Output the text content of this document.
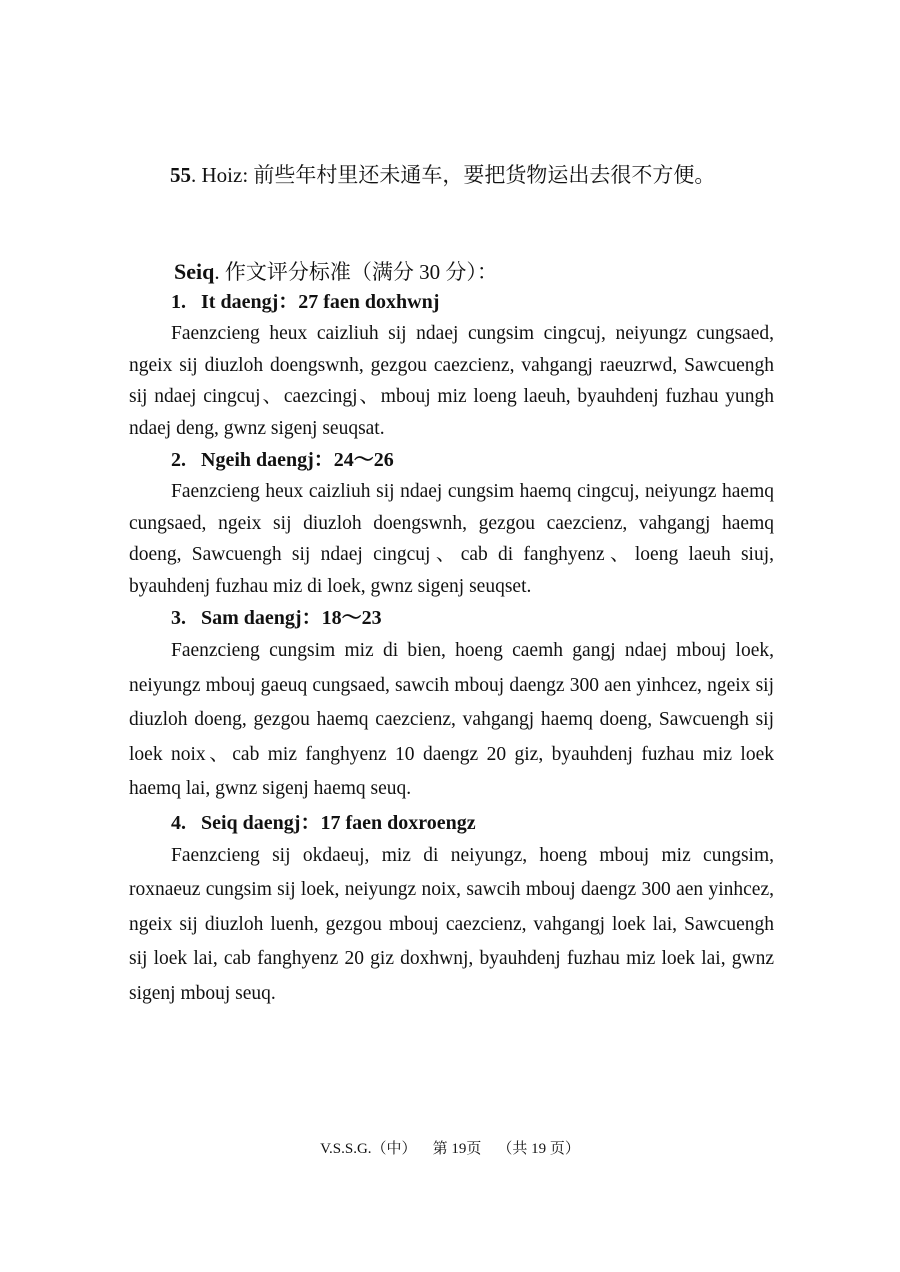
55. Hoiz: 前些年村里还未通车，要把货物运出去很不方便。
Seiq. 作文评分标准（满分 30 分）：
1. It daengj：27 faen doxhwnj

Faenzcieng heux caizliuh sij ndaej cungsim cingcuj, neiyungz cungsaed, ngeix sij diuzloh doengswnh, gezgou caezcienz, vahgangj raeuzrwd, Sawcuengh sij ndaej cingcuj、caezcingj、mbouj miz loeng laeuh, byauhdenj fuzhau yungh ndaej deng, gwnz sigenj seuqsat.

2. Ngeih daengj：24～26

Faenzcieng heux caizliuh sij ndaej cungsim haemq cingcuj, neiyungz haemq cungsaed, ngeix sij diuzloh doengswnh, gezgou caezcienz, vahgangj haemq doeng, Sawcuengh sij ndaej cingcuj、cab di fanghyenz、loeng laeuh siuj, byauhdenj fuzhau miz di loek, gwnz sigenj seuqset.

3. Sam daengj：18～23

Faenzcieng cungsim miz di bien, hoeng caemh gangj ndaej mbouj loek, neiyungz mbouj gaeuq cungsaed, sawcih mbouj daengz 300 aen yinhcez, ngeix sij diuzloh doeng, gezgou haemq caezcienz, vahgangj haemq doeng, Sawcuengh sij loek noix、cab miz fanghyenz 10 daengz 20 giz, byauhdenj fuzhau miz loek haemq lai, gwnz sigenj haemq seuq.

4. Seiq daengj：17 faen doxroengz

Faenzcieng sij okdaeuj, miz di neiyungz, hoeng mbouj miz cungsim, roxnaeuz cungsim sij loek, neiyungz noix, sawcih mbouj daengz 300 aen yinhcez, ngeix sij diuzloh luenh, gezgou mbouj caezcienz, vahgangj loek lai, Sawcuengh sij loek lai, cab fanghyenz 20 giz doxhwnj, byauhdenj fuzhau miz loek lai, gwnz sigenj mbouj seuq.

V.S.S.G.（中） 第 19页 （共 19 页）
